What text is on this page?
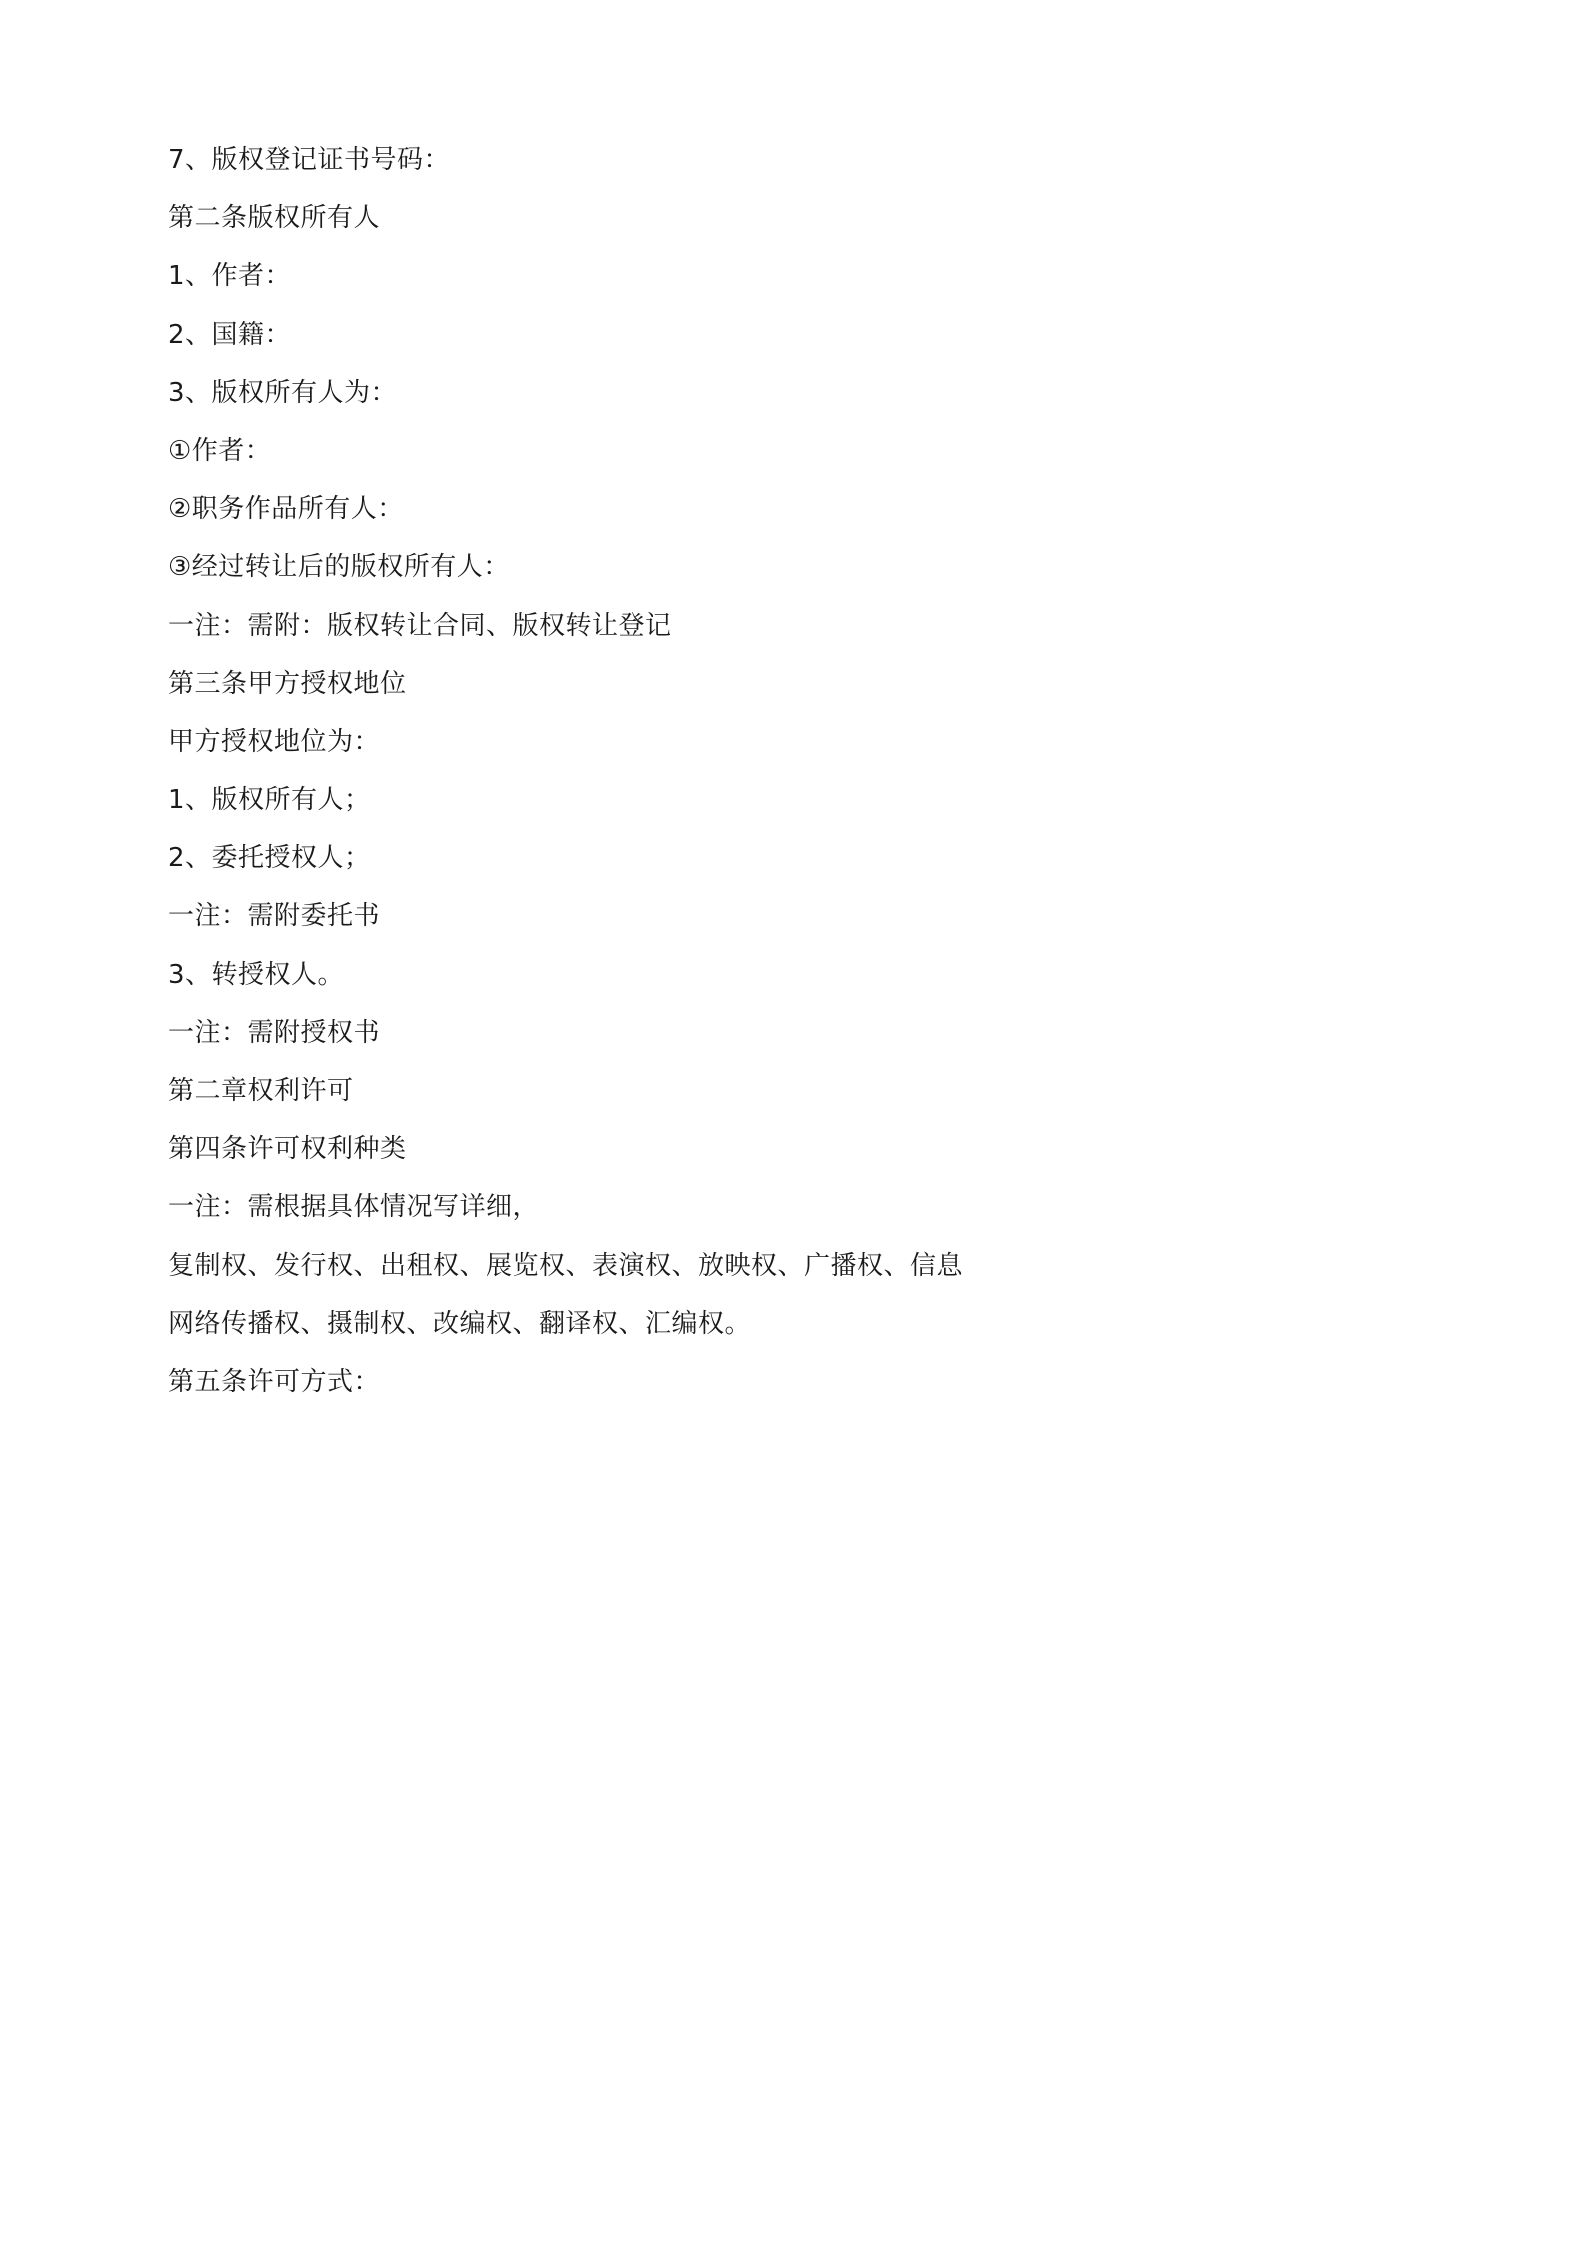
7、版权登记证书号码：
第二条版权所有人
1、作者：
2、国籍：
3、版权所有人为：
①作者：
②职务作品所有人：
③经过转让后的版权所有人：
一注：需附：版权转让合同、版权转让登记
第三条甲方授权地位
甲方授权地位为：
1、版权所有人；
2、委托授权人；
一注：需附委托书
3、转授权人。
一注：需附授权书
第二章权利许可
第四条许可权利种类
一注：需根据具体情况写详细，
复制权、发行权、出租权、展览权、表演权、放映权、广播权、信息
网络传播权、摄制权、改编权、翻译权、汇编权。
第五条许可方式：
